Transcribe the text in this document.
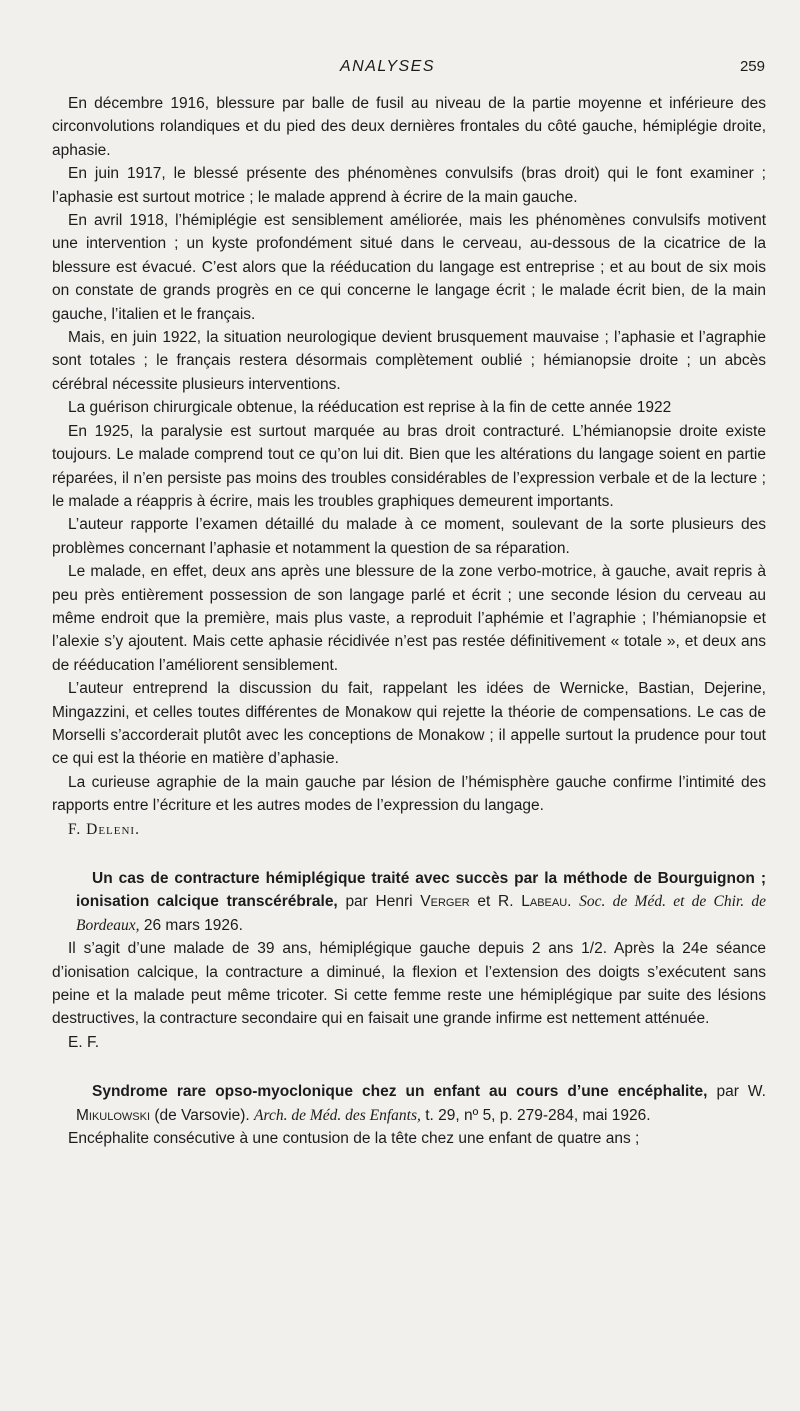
ANALYSES	259

En décembre 1916, blessure par balle de fusil au niveau de la partie moyenne et inférieure des circonvolutions rolandiques et du pied des deux dernières frontales du côté gauche, hémiplégie droite, aphasie.

En juin 1917, le blessé présente des phénomènes convulsifs (bras droit) qui le font examiner ; l’aphasie est surtout motrice ; le malade apprend à écrire de la main gauche.

En avril 1918, l’hémiplégie est sensiblement améliorée, mais les phénomènes convulsifs motivent une intervention ; un kyste profondément situé dans le cerveau, au-dessous de la cicatrice de la blessure est évacué. C’est alors que la rééducation du langage est entreprise ; et au bout de six mois on constate de grands progrès en ce qui concerne le langage écrit ; le malade écrit bien, de la main gauche, l’italien et le français.

Mais, en juin 1922, la situation neurologique devient brusquement mauvaise ; l’aphasie et l’agraphie sont totales ; le français restera désormais complètement oublié ; hémianopsie droite ; un abcès cérébral nécessite plusieurs interventions.

La guérison chirurgicale obtenue, la rééducation est reprise à la fin de cette année 1922

En 1925, la paralysie est surtout marquée au bras droit contracturé. L’hémianopsie droite existe toujours. Le malade comprend tout ce qu’on lui dit. Bien que les altérations du langage soient en partie réparées, il n’en persiste pas moins des troubles considérables de l’expression verbale et de la lecture ; le malade a réappris à écrire, mais les troubles graphiques demeurent importants.

L’auteur rapporte l’examen détaillé du malade à ce moment, soulevant de la sorte plusieurs des problèmes concernant l’aphasie et notamment la question de sa réparation.

Le malade, en effet, deux ans après une blessure de la zone verbo-motrice, à gauche, avait repris à peu près entièrement possession de son langage parlé et écrit ; une seconde lésion du cerveau au même endroit que la première, mais plus vaste, a reproduit l’aphémie et l’agraphie ; l’hémianopsie et l’alexie s’y ajoutent. Mais cette aphasie récidivée n’est pas restée définitivement « totale », et deux ans de rééducation l’améliorent sensiblement.

L’auteur entreprend la discussion du fait, rappelant les idées de Wernicke, Bastian, Dejerine, Mingazzini, et celles toutes différentes de Monakow qui rejette la théorie de compensations. Le cas de Morselli s’accorderait plutôt avec les conceptions de Monakow ; il appelle surtout la prudence pour tout ce qui est la théorie en matière d’aphasie.

La curieuse agraphie de la main gauche par lésion de l’hémisphère gauche confirme l’intimité des rapports entre l’écriture et les autres modes de l’expression du langage.

F. Deleni.

Un cas de contracture hémiplégique traité avec succès par la méthode de Bourguignon ; ionisation calcique transcérébrale, par Henri Verger et R. Labeau. Soc. de Méd. et de Chir. de Bordeaux, 26 mars 1926.

Il s’agit d’une malade de 39 ans, hémiplégique gauche depuis 2 ans 1/2. Après la 24e séance d’ionisation calcique, la contracture a diminué, la flexion et l’extension des doigts s’exécutent sans peine et la malade peut même tricoter. Si cette femme reste une hémiplégique par suite des lésions destructives, la contracture secondaire qui en faisait une grande infirme est nettement atténuée.

E. F.

Syndrome rare opso-myoclonique chez un enfant au cours d’une encéphalite, par W. Mikulowski (de Varsovie). Arch. de Méd. des Enfants, t. 29, nº 5, p. 279-284, mai 1926.

Encéphalite consécutive à une contusion de la tête chez une enfant de quatre ans ;
